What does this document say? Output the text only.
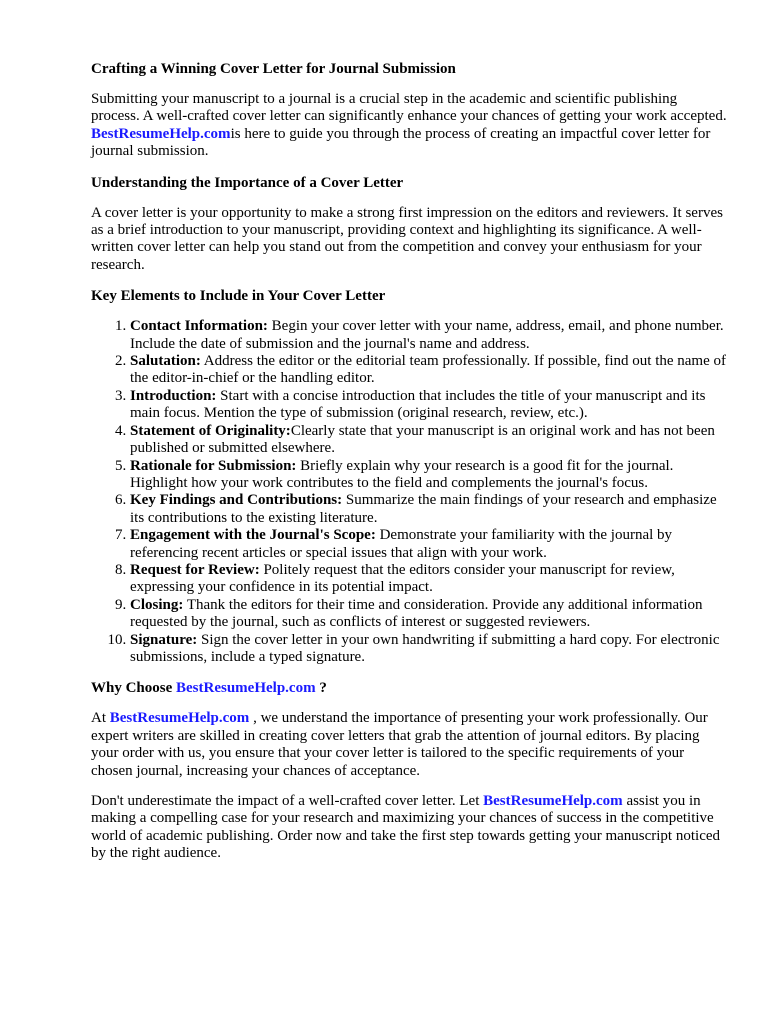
Crafting a Winning Cover Letter for Journal Submission

Submitting your manuscript to a journal is a crucial step in the academic and scientific publishing process. A well-crafted cover letter can significantly enhance your chances of getting your work accepted. BestResumeHelp.comis here to guide you through the process of creating an impactful cover letter for journal submission.

Understanding the Importance of a Cover Letter

A cover letter is your opportunity to make a strong first impression on the editors and reviewers. It serves as a brief introduction to your manuscript, providing context and highlighting its significance. A well-written cover letter can help you stand out from the competition and convey your enthusiasm for your research.

Key Elements to Include in Your Cover Letter
1. Contact Information: Begin your cover letter with your name, address, email, and phone number. Include the date of submission and the journal's name and address.
2. Salutation: Address the editor or the editorial team professionally. If possible, find out the name of the editor-in-chief or the handling editor.
3. Introduction: Start with a concise introduction that includes the title of your manuscript and its main focus. Mention the type of submission (original research, review, etc.).
4. Statement of Originality:Clearly state that your manuscript is an original work and has not been published or submitted elsewhere.
5. Rationale for Submission: Briefly explain why your research is a good fit for the journal. Highlight how your work contributes to the field and complements the journal's focus.
6. Key Findings and Contributions: Summarize the main findings of your research and emphasize its contributions to the existing literature.
7. Engagement with the Journal's Scope: Demonstrate your familiarity with the journal by referencing recent articles or special issues that align with your work.
8. Request for Review: Politely request that the editors consider your manuscript for review, expressing your confidence in its potential impact.
9. Closing: Thank the editors for their time and consideration. Provide any additional information requested by the journal, such as conflicts of interest or suggested reviewers.
10. Signature: Sign the cover letter in your own handwriting if submitting a hard copy. For electronic submissions, include a typed signature.
Why Choose BestResumeHelp.com ?

At BestResumeHelp.com , we understand the importance of presenting your work professionally. Our expert writers are skilled in creating cover letters that grab the attention of journal editors. By placing your order with us, you ensure that your cover letter is tailored to the specific requirements of your chosen journal, increasing your chances of acceptance.

Don't underestimate the impact of a well-crafted cover letter. Let BestResumeHelp.com assist you in making a compelling case for your research and maximizing your chances of success in the competitive world of academic publishing. Order now and take the first step towards getting your manuscript noticed by the right audience.
